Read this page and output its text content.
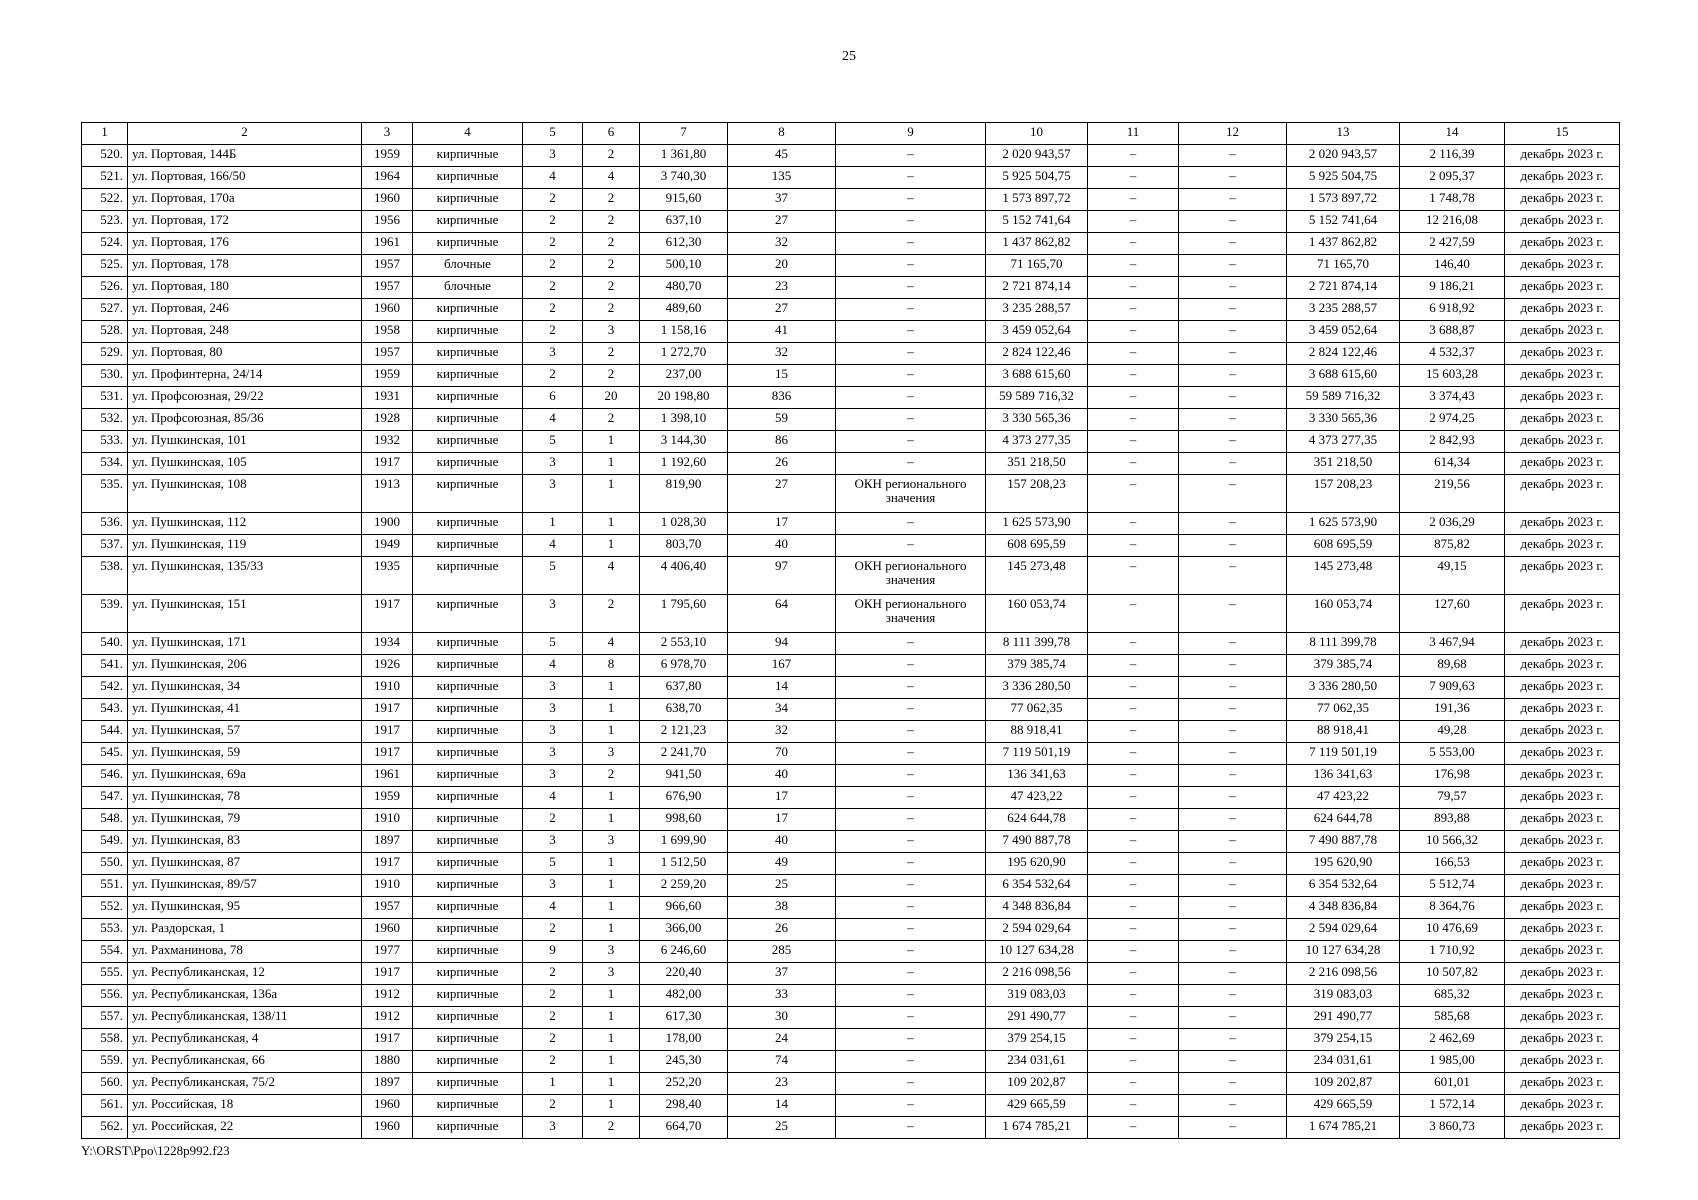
25
1	2	3	4	5	6	7	8	9	10	11	12	13	14	15
520.	ул. Портовая, 144Б	1959	кирпичные	3	2	1 361,80	45	–	2 020 943,57	–	–	2 020 943,57	2 116,39	декабрь 2023 г.
521.	ул. Портовая, 166/50	1964	кирпичные	4	4	3 740,30	135	–	5 925 504,75	–	–	5 925 504,75	2 095,37	декабрь 2023 г.
522.	ул. Портовая, 170а	1960	кирпичные	2	2	915,60	37	–	1 573 897,72	–	–	1 573 897,72	1 748,78	декабрь 2023 г.
523.	ул. Портовая, 172	1956	кирпичные	2	2	637,10	27	–	5 152 741,64	–	–	5 152 741,64	12 216,08	декабрь 2023 г.
524.	ул. Портовая, 176	1961	кирпичные	2	2	612,30	32	–	1 437 862,82	–	–	1 437 862,82	2 427,59	декабрь 2023 г.
525.	ул. Портовая, 178	1957	блочные	2	2	500,10	20	–	71 165,70	–	–	71 165,70	146,40	декабрь 2023 г.
526.	ул. Портовая, 180	1957	блочные	2	2	480,70	23	–	2 721 874,14	–	–	2 721 874,14	9 186,21	декабрь 2023 г.
527.	ул. Портовая, 246	1960	кирпичные	2	2	489,60	27	–	3 235 288,57	–	–	3 235 288,57	6 918,92	декабрь 2023 г.
528.	ул. Портовая, 248	1958	кирпичные	2	3	1 158,16	41	–	3 459 052,64	–	–	3 459 052,64	3 688,87	декабрь 2023 г.
529.	ул. Портовая, 80	1957	кирпичные	3	2	1 272,70	32	–	2 824 122,46	–	–	2 824 122,46	4 532,37	декабрь 2023 г.
530.	ул. Профинтерна, 24/14	1959	кирпичные	2	2	237,00	15	–	3 688 615,60	–	–	3 688 615,60	15 603,28	декабрь 2023 г.
531.	ул. Профсоюзная, 29/22	1931	кирпичные	6	20	20 198,80	836	–	59 589 716,32	–	–	59 589 716,32	3 374,43	декабрь 2023 г.
532.	ул. Профсоюзная, 85/36	1928	кирпичные	4	2	1 398,10	59	–	3 330 565,36	–	–	3 330 565,36	2 974,25	декабрь 2023 г.
533.	ул. Пушкинская, 101	1932	кирпичные	5	1	3 144,30	86	–	4 373 277,35	–	–	4 373 277,35	2 842,93	декабрь 2023 г.
534.	ул. Пушкинская, 105	1917	кирпичные	3	1	1 192,60	26	–	351 218,50	–	–	351 218,50	614,34	декабрь 2023 г.
535.	ул. Пушкинская, 108	1913	кирпичные	3	1	819,90	27	ОКН регионального значения	157 208,23	–	–	157 208,23	219,56	декабрь 2023 г.
536.	ул. Пушкинская, 112	1900	кирпичные	1	1	1 028,30	17	–	1 625 573,90	–	–	1 625 573,90	2 036,29	декабрь 2023 г.
537.	ул. Пушкинская, 119	1949	кирпичные	4	1	803,70	40	–	608 695,59	–	–	608 695,59	875,82	декабрь 2023 г.
538.	ул. Пушкинская, 135/33	1935	кирпичные	5	4	4 406,40	97	ОКН регионального значения	145 273,48	–	–	145 273,48	49,15	декабрь 2023 г.
539.	ул. Пушкинская, 151	1917	кирпичные	3	2	1 795,60	64	ОКН регионального значения	160 053,74	–	–	160 053,74	127,60	декабрь 2023 г.
540.	ул. Пушкинская, 171	1934	кирпичные	5	4	2 553,10	94	–	8 111 399,78	–	–	8 111 399,78	3 467,94	декабрь 2023 г.
541.	ул. Пушкинская, 206	1926	кирпичные	4	8	6 978,70	167	–	379 385,74	–	–	379 385,74	89,68	декабрь 2023 г.
542.	ул. Пушкинская, 34	1910	кирпичные	3	1	637,80	14	–	3 336 280,50	–	–	3 336 280,50	7 909,63	декабрь 2023 г.
543.	ул. Пушкинская, 41	1917	кирпичные	3	1	638,70	34	–	77 062,35	–	–	77 062,35	191,36	декабрь 2023 г.
544.	ул. Пушкинская, 57	1917	кирпичные	3	1	2 121,23	32	–	88 918,41	–	–	88 918,41	49,28	декабрь 2023 г.
545.	ул. Пушкинская, 59	1917	кирпичные	3	3	2 241,70	70	–	7 119 501,19	–	–	7 119 501,19	5 553,00	декабрь 2023 г.
546.	ул. Пушкинская, 69а	1961	кирпичные	3	2	941,50	40	–	136 341,63	–	–	136 341,63	176,98	декабрь 2023 г.
547.	ул. Пушкинская, 78	1959	кирпичные	4	1	676,90	17	–	47 423,22	–	–	47 423,22	79,57	декабрь 2023 г.
548.	ул. Пушкинская, 79	1910	кирпичные	2	1	998,60	17	–	624 644,78	–	–	624 644,78	893,88	декабрь 2023 г.
549.	ул. Пушкинская, 83	1897	кирпичные	3	3	1 699,90	40	–	7 490 887,78	–	–	7 490 887,78	10 566,32	декабрь 2023 г.
550.	ул. Пушкинская, 87	1917	кирпичные	5	1	1 512,50	49	–	195 620,90	–	–	195 620,90	166,53	декабрь 2023 г.
551.	ул. Пушкинская, 89/57	1910	кирпичные	3	1	2 259,20	25	–	6 354 532,64	–	–	6 354 532,64	5 512,74	декабрь 2023 г.
552.	ул. Пушкинская, 95	1957	кирпичные	4	1	966,60	38	–	4 348 836,84	–	–	4 348 836,84	8 364,76	декабрь 2023 г.
553.	ул. Раздорская, 1	1960	кирпичные	2	1	366,00	26	–	2 594 029,64	–	–	2 594 029,64	10 476,69	декабрь 2023 г.
554.	ул. Рахманинова, 78	1977	кирпичные	9	3	6 246,60	285	–	10 127 634,28	–	–	10 127 634,28	1 710,92	декабрь 2023 г.
555.	ул. Республиканская, 12	1917	кирпичные	2	3	220,40	37	–	2 216 098,56	–	–	2 216 098,56	10 507,82	декабрь 2023 г.
556.	ул. Республиканская, 136а	1912	кирпичные	2	1	482,00	33	–	319 083,03	–	–	319 083,03	685,32	декабрь 2023 г.
557.	ул. Республиканская, 138/11	1912	кирпичные	2	1	617,30	30	–	291 490,77	–	–	291 490,77	585,68	декабрь 2023 г.
558.	ул. Республиканская, 4	1917	кирпичные	2	1	178,00	24	–	379 254,15	–	–	379 254,15	2 462,69	декабрь 2023 г.
559.	ул. Республиканская, 66	1880	кирпичные	2	1	245,30	74	–	234 031,61	–	–	234 031,61	1 985,00	декабрь 2023 г.
560.	ул. Республиканская, 75/2	1897	кирпичные	1	1	252,20	23	–	109 202,87	–	–	109 202,87	601,01	декабрь 2023 г.
561.	ул. Российская, 18	1960	кирпичные	2	1	298,40	14	–	429 665,59	–	–	429 665,59	1 572,14	декабрь 2023 г.
562.	ул. Российская, 22	1960	кирпичные	3	2	664,70	25	–	1 674 785,21	–	–	1 674 785,21	3 860,73	декабрь 2023 г.
Y:\ORST\Ppo\1228p992.f23
